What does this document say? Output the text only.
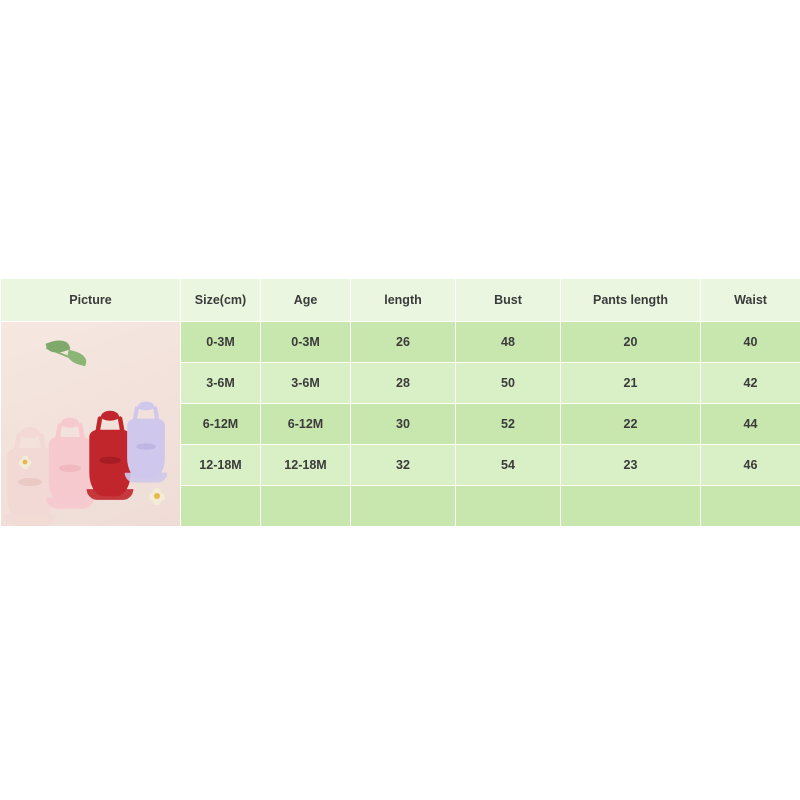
Picture	Size(cm)	Age	length	Bust	Pants length	Waist

	0-3M	0-3M	26	48	20	40
	3-6M	3-6M	28	50	21	42
	6-12M	6-12M	30	52	22	44
	12-18M	12-18M	32	54	23	46
